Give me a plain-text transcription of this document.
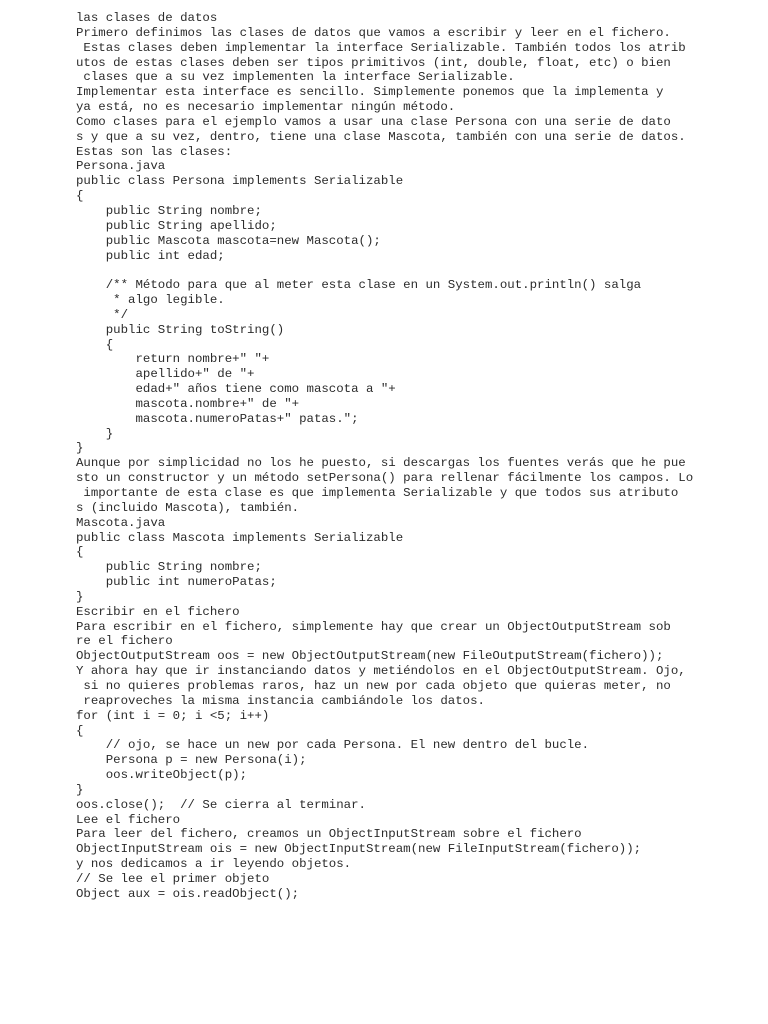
las clases de datos
Primero definimos las clases de datos que vamos a escribir y leer en el fichero.
Estas clases deben implementar la interface Serializable. También todos los atrib
utos de estas clases deben ser tipos primitivos (int, double, float, etc) o bien
clases que a su vez implementen la interface Serializable.
Implementar esta interface es sencillo. Simplemente ponemos que la implementa y
ya está, no es necesario implementar ningún método.
Como clases para el ejemplo vamos a usar una clase Persona con una serie de dato
s y que a su vez, dentro, tiene una clase Mascota, también con una serie de datos.
Estas son las clases:
Persona.java
public class Persona implements Serializable
{
public String nombre;
public String apellido;
public Mascota mascota=new Mascota();
public int edad;
/** Método para que al meter esta clase en un System.out.println() salga
* algo legible.
*/
public String toString()
{
return nombre+" "+
apellido+" de "+
edad+" años tiene como mascota a "+
mascota.nombre+" de "+
mascota.numeroPatas+" patas.";
}
}
Aunque por simplicidad no los he puesto, si descargas los fuentes verás que he pue
sto un constructor y un método setPersona() para rellenar fácilmente los campos. Lo
importante de esta clase es que implementa Serializable y que todos sus atributo
s (incluido Mascota), también.
Mascota.java
public class Mascota implements Serializable
{
public String nombre;
public int numeroPatas;
}
Escribir en el fichero
Para escribir en el fichero, simplemente hay que crear un ObjectOutputStream sob
re el fichero
ObjectOutputStream oos = new ObjectOutputStream(new FileOutputStream(fichero));
Y ahora hay que ir instanciando datos y metiéndolos en el ObjectOutputStream. Ojo,
si no quieres problemas raros, haz un new por cada objeto que quieras meter, no
reaproveches la misma instancia cambiándole los datos.
for (int i = 0; i <5; i++)
{
// ojo, se hace un new por cada Persona. El new dentro del bucle.
Persona p = new Persona(i);
oos.writeObject(p);
}
oos.close();  // Se cierra al terminar.
Lee el fichero
Para leer del fichero, creamos un ObjectInputStream sobre el fichero
ObjectInputStream ois = new ObjectInputStream(new FileInputStream(fichero));
y nos dedicamos a ir leyendo objetos.
// Se lee el primer objeto
Object aux = ois.readObject();
